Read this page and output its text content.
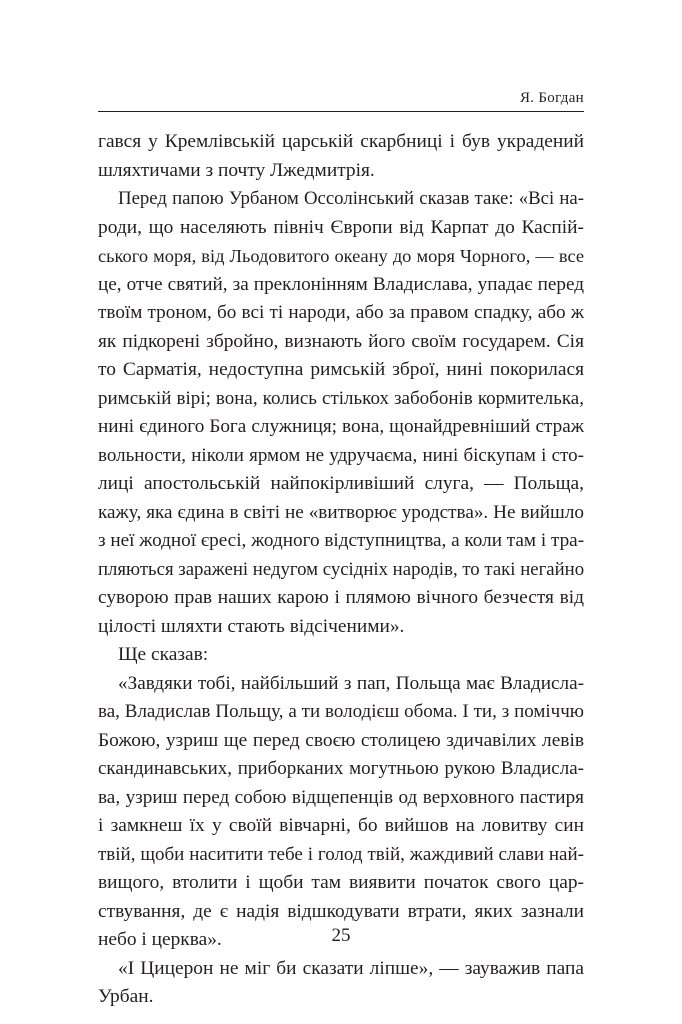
Я. Богдан
гався у Кремлівській царській скарбниці і був украдений
шляхтичами з почту Лжедмитрія.
Перед папою Урбаном Оссолінський сказав таке: «Всі на-
роди, що населяють північ Європи від Карпат до Каспій-
ського моря, від Льодовитого океану до моря Чорного, — все
це, отче святий, за преклонінням Владислава, упадає перед
твоїм троном, бо всі ті народи, або за правом спадку, або ж
як підкорені збройно, визнають його своїм государем. Сія
то Сарматія, недоступна римській зброї, нині покорилася
римській вірі; вона, колись стількох забобонів кормителька,
нині єдиного Бога служниця; вона, щонайдревніший страж
вольности, ніколи ярмом не удручаєма, нині біскупам і сто-
лиці апостольській найпокірливіший слуга, — Польща,
кажу, яка єдина в світі не «витворює уродства». Не вийшло
з неї жодної єресі, жодного відступництва, а коли там і тра-
пляються заражені недугом сусідніх народів, то такі негайно
суворою прав наших карою і плямою вічного безчестя від
цілості шляхти стають відсіченими».
Ще сказав:
«Завдяки тобі, найбільший з пап, Польща має Владисла-
ва, Владислав Польщу, а ти володієш обома. І ти, з поміччю
Божою, узриш ще перед своєю столицею здичавілих левів
скандинавських, приборканих могутньою рукою Владисла-
ва, узриш перед собою відщепенців од верховного пастиря
і замкнеш їх у своїй вівчарні, бо вийшов на ловитву син
твій, щоби наситити тебе і голод твій, жаждивий слави най-
вищого, втолити і щоби там виявити початок свого цар-
ствування, де є надія відшкодувати втрати, яких зазнали
небо і церква».
«І Цицерон не міг би сказати ліпше», — зауважив папа
Урбан.
25
